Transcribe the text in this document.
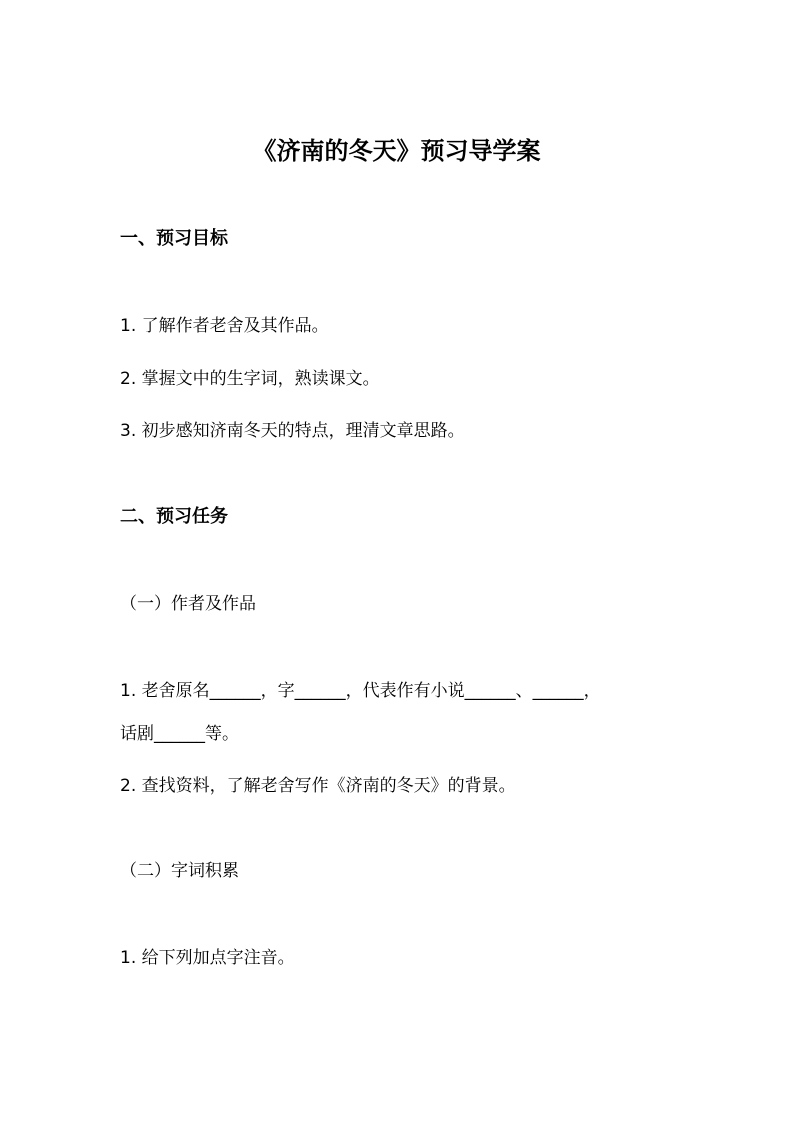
《济南的冬天》预习导学案
一、预习目标
1. 了解作者老舍及其作品。
2. 掌握文中的生字词，熟读课文。
3. 初步感知济南冬天的特点，理清文章思路。
二、预习任务
（一）作者及作品
1. 老舍原名______，字______，代表作有小说______、______，
话剧______等。
2. 查找资料，了解老舍写作《济南的冬天》的背景。
（二）字词积累
1. 给下列加点字注音。
